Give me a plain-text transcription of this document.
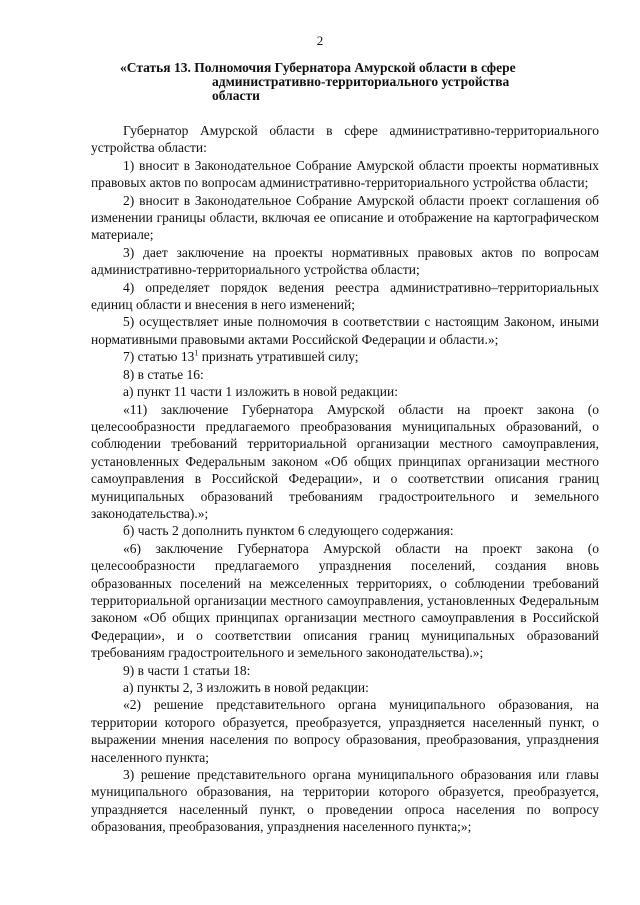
2
«Статья 13. Полномочия Губернатора Амурской области в сфере
административно-территориального устройства
области

Губернатор Амурской области в сфере административно-территориального устройства области:

1) вносит в Законодательное Собрание Амурской области проекты нормативных правовых актов по вопросам административно-территориального устройства области;

2) вносит в Законодательное Собрание Амурской области проект соглашения об изменении границы области, включая ее описание и отображение на картографическом материале;

3) дает заключение на проекты нормативных правовых актов по вопросам административно-территориального устройства области;

4) определяет порядок ведения реестра административно–территориальных единиц области и внесения в него изменений;

5) осуществляет иные полномочия в соответствии с настоящим Законом, иными нормативными правовыми актами Российской Федерации и области.»;

7) статью $13^1$ признать утратившей силу;

8) в статье 16:

а) пункт 11 части 1 изложить в новой редакции:

«11) заключение Губернатора Амурской области на проект закона (о целесообразности предлагаемого преобразования муниципальных образований, о соблюдении требований территориальной организации местного самоуправления, установленных Федеральным законом «Об общих принципах организации местного самоуправления в Российской Федерации», и о соответствии описания границ муниципальных образований требованиям градостроительного и земельного законодательства).»;

б) часть 2 дополнить пунктом 6 следующего содержания:

«6) заключение Губернатора Амурской области на проект закона (о целесообразности предлагаемого упразднения поселений, создания вновь образованных поселений на межселенных территориях, о соблюдении требований территориальной организации местного самоуправления, установленных Федеральным законом «Об общих принципах организации местного самоуправления в Российской Федерации», и о соответствии описания границ муниципальных образований требованиям градостроительного и земельного законодательства).»;

9) в части 1 статьи 18:

а) пункты 2, 3 изложить в новой редакции:

«2) решение представительного органа муниципального образования, на территории которого образуется, преобразуется, упраздняется населенный пункт, о выражении мнения населения по вопросу образования, преобразования, упразднения населенного пункта;

3) решение представительного органа муниципального образования или главы муниципального образования, на территории которого образуется, преобразуется, упраздняется населенный пункт, о проведении опроса населения по вопросу образования, преобразования, упразднения населенного пункта;»;
